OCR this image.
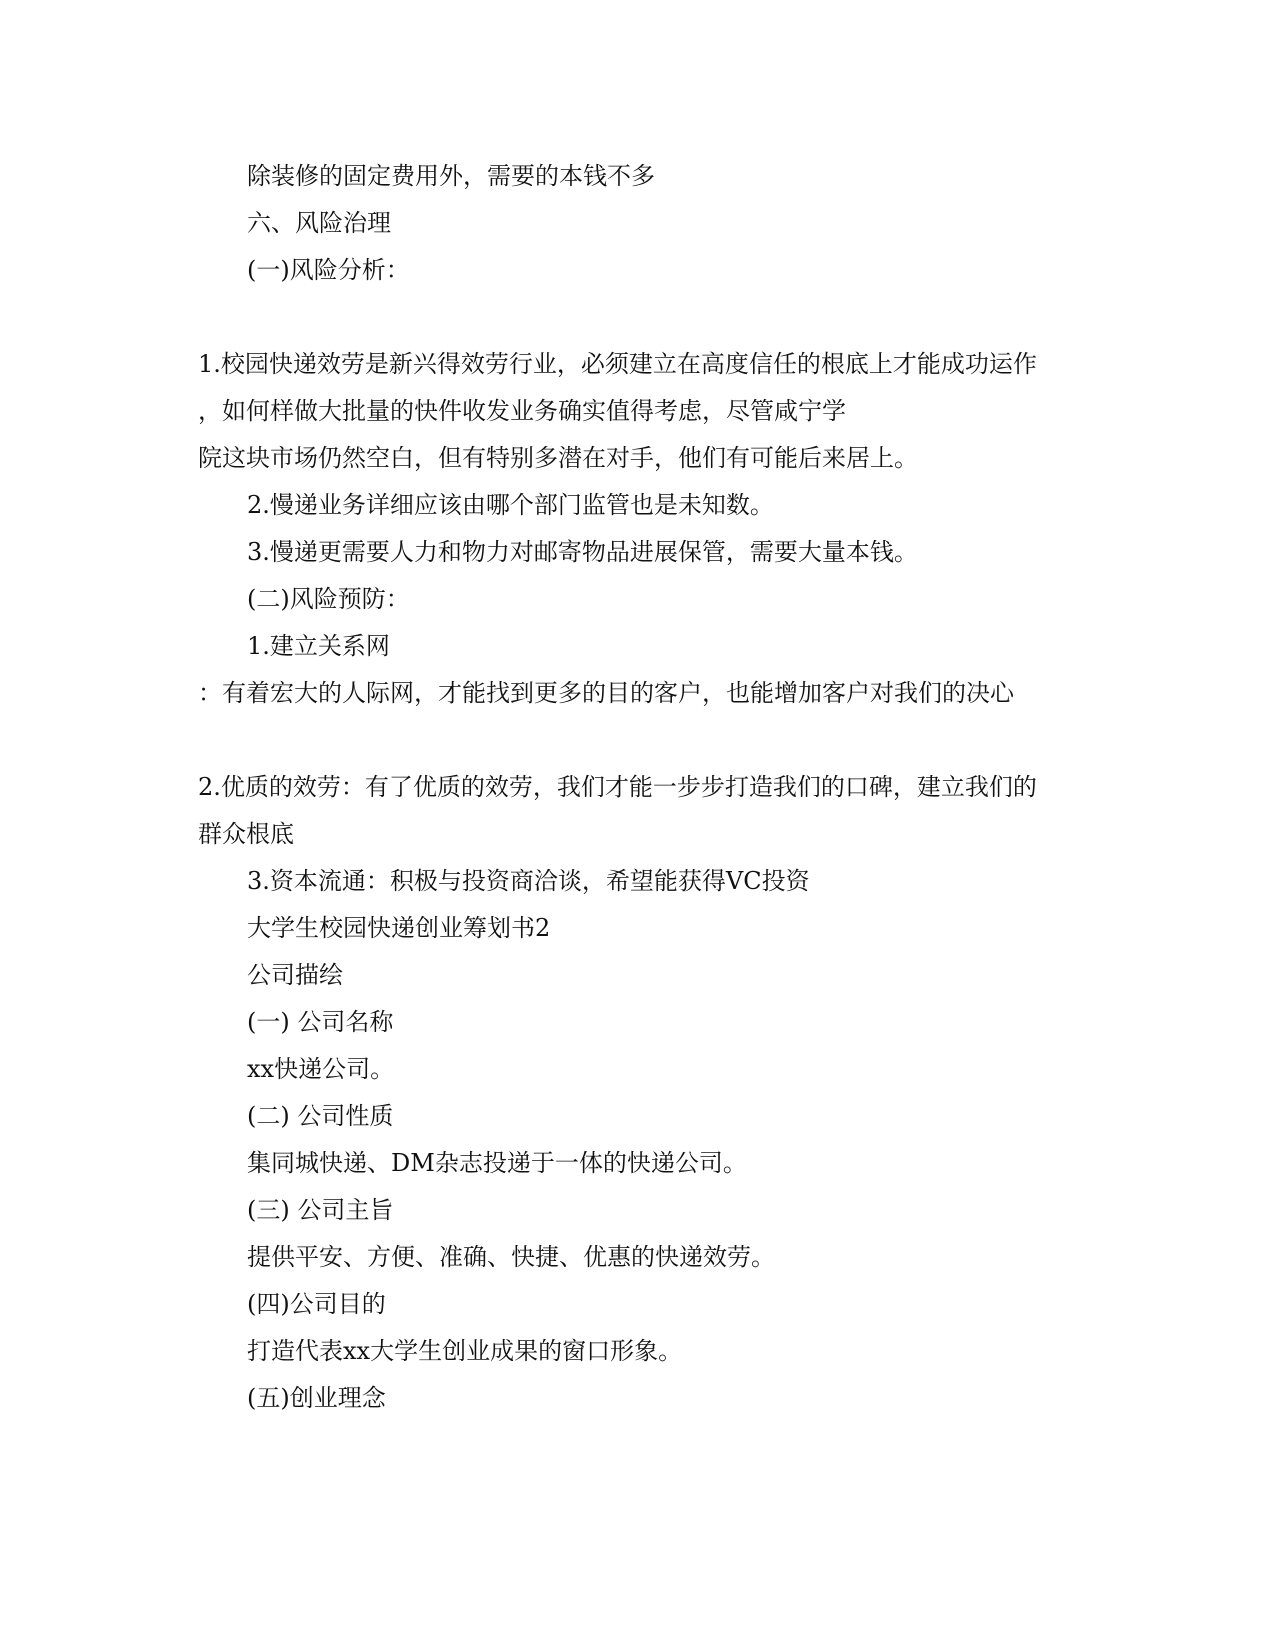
除装修的固定费用外，需要的本钱不多
六、风险治理
(一)风险分析：
1.校园快递效劳是新兴得效劳行业，必须建立在高度信任的根底上才能成功运作
，如何样做大批量的快件收发业务确实值得考虑，尽管咸宁学
院这块市场仍然空白，但有特别多潜在对手，他们有可能后来居上。
2.慢递业务详细应该由哪个部门监管也是未知数。
3.慢递更需要人力和物力对邮寄物品进展保管，需要大量本钱。
(二)风险预防：
1.建立关系网
：有着宏大的人际网，才能找到更多的目的客户，也能增加客户对我们的决心
2.优质的效劳：有了优质的效劳，我们才能一步步打造我们的口碑，建立我们的
群众根底
3.资本流通：积极与投资商洽谈，希望能获得VC投资
大学生校园快递创业筹划书2
公司描绘
(一) 公司名称
xx快递公司。
(二) 公司性质
集同城快递、DM杂志投递于一体的快递公司。
(三) 公司主旨
提供平安、方便、准确、快捷、优惠的快递效劳。
(四)公司目的
打造代表xx大学生创业成果的窗口形象。
(五)创业理念
